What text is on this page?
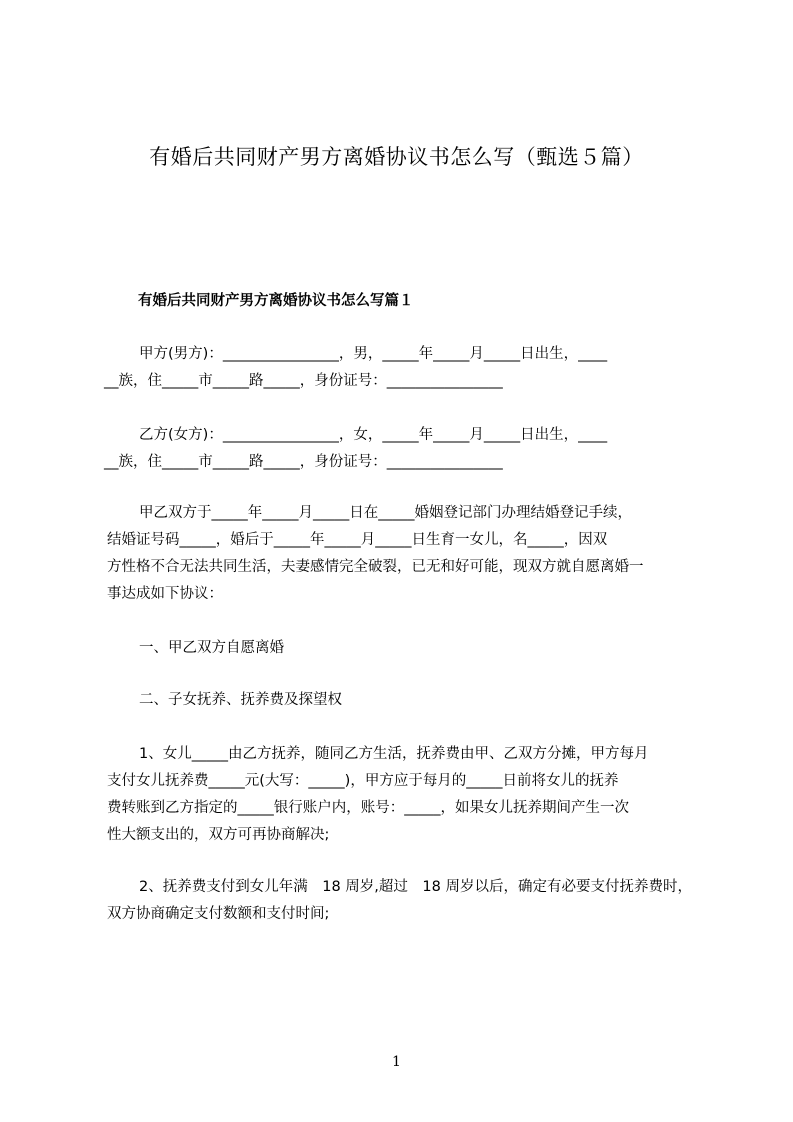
有婚后共同财产男方离婚协议书怎么写（甄选５篇）
有婚后共同财产男方离婚协议书怎么写篇１
甲方(男方)：________________，男，_____年_____月_____日出生，____
__族，住_____市_____路_____，身份证号：________________
乙方(女方)：________________，女，_____年_____月_____日出生，____
__族，住_____市_____路_____，身份证号：________________
甲乙双方于_____年_____月_____日在_____婚姻登记部门办理结婚登记手续，
结婚证号码_____，婚后于_____年_____月_____日生育一女儿，名_____，因双
方性格不合无法共同生活，夫妻感情完全破裂，已无和好可能，现双方就自愿离婚一
事达成如下协议：
一、甲乙双方自愿离婚
二、子女抚养、抚养费及探望权
1、女儿_____由乙方抚养，随同乙方生活，抚养费由甲、乙双方分摊，甲方每月
支付女儿抚养费_____元(大写：_____)，甲方应于每月的_____日前将女儿的抚养
费转账到乙方指定的_____银行账户内，账号：_____，如果女儿抚养期间产生一次
性大额支出的，双方可再协商解决;
2、抚养费支付到女儿年满　18 周岁,超过　18 周岁以后，确定有必要支付抚养费时，
双方协商确定支付数额和支付时间;
1
